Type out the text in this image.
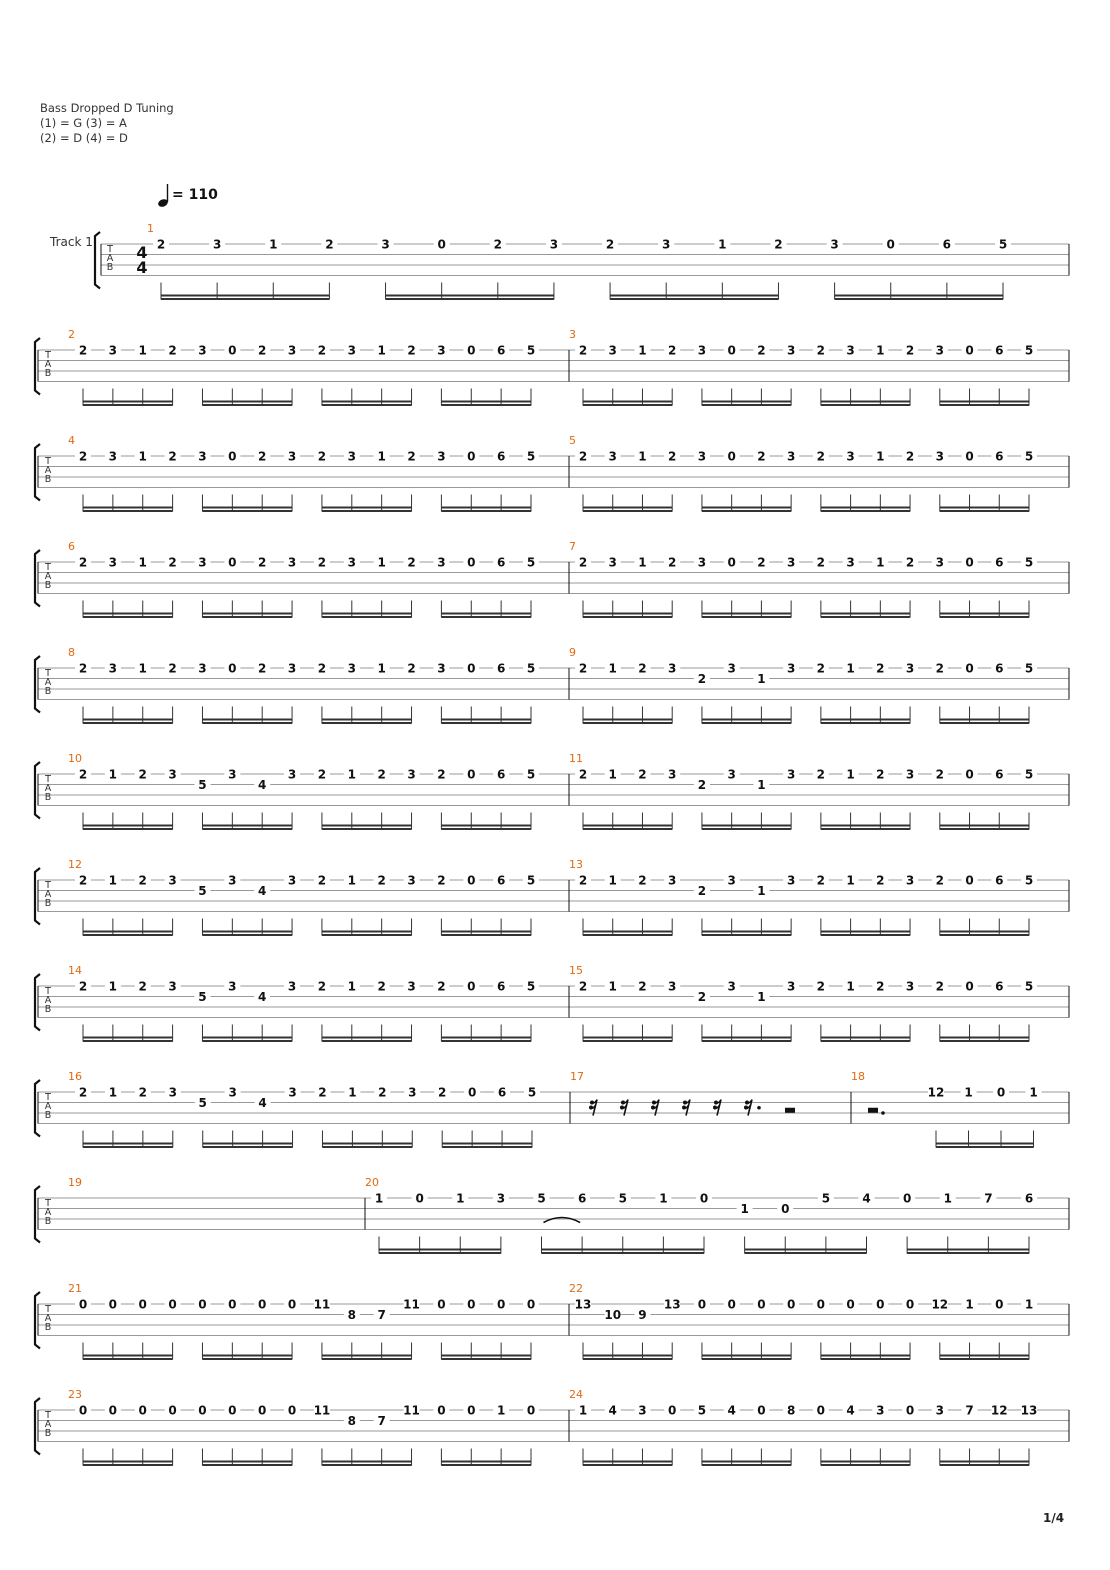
Bass Dropped D Tuning
(1) = G (3) = A
(2) = D (4) = D
= 110
T
A
B
Track 1
4
4
1
2	3	1	2	3	0	2	3	2	3	1	2	3	0	6	5
T
A
B
2
2 3 1 2 3 0 2 3 2 3 1 2 3 0 6 5
3
2 3 1 2 3 0 2 3 2 3 1 2 3 0 6 5
T
A
B
4
2 3 1 2 3 0 2 3 2 3 1 2 3 0 6 5
5
2 3 1 2 3 0 2 3 2 3 1 2 3 0 6 5
T
A
B
6
2 3 1 2 3 0 2 3 2 3 1 2 3 0 6 5
7
2 3 1 2 3 0 2 3 2 3 1 2 3 0 6 5
T
A
B
8
2 3 1 2 3 0 2 3 2 3 1 2 3 0 6 5
9
2 1 2 3
2
3
1
3 2 1 2 3 2 0 6 5
T
A
B
10
2 1 2 3
5
3
4
3 2 1 2 3 2 0 6 5
11
2 1 2 3
2
3
1
3 2 1 2 3 2 0 6 5
T
A
B
12
2 1 2 3
5
3
4
3 2 1 2 3 2 0 6 5
13
2 1 2 3
2
3
1
3 2 1 2 3 2 0 6 5
T
A
B
14
2 1 2 3
5
3
4
3 2 1 2 3 2 0 6 5
15
2 1 2 3
2
3
1
3 2 1 2 3 2 0 6 5
T
A
B
16
2 1 2 3
5
3
4
3 2 1 2 3 2 0 6 5
17	18
12 1 0 1
T
A
B
19	20
1	0	1	3	5	6	5	1	0
1	0
5	4	0	1	7	6
T
A
B
21
0 0 0 0 0 0 0 0 11
8 7
11 0 0 0 0
22
13
10 9
13 0 0 0 0 0 0 0 0 12 1 0 1
T
A
B
23
0 0 0 0 0 0 0 0 11
8 7
11 0 0 1 0
24
1 4 3 0 5 4 0 8 0 4 3 0 3 7 12 13
1/4
